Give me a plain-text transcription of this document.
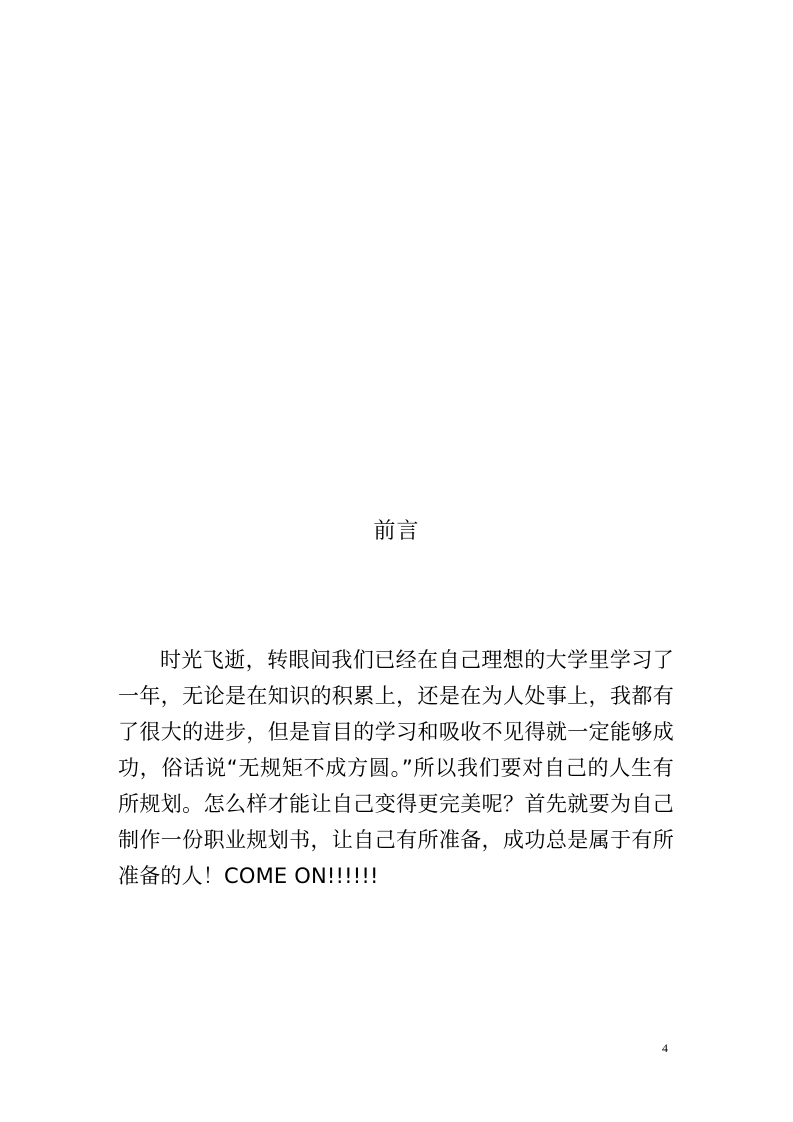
前言

时光飞逝，转眼间我们已经在自己理想的大学里学习了一年，无论是在知识的积累上，还是在为人处事上，我都有了很大的进步，但是盲目的学习和吸收不见得就一定能够成功，俗话说“无规矩不成方圆。”所以我们要对自己的人生有所规划。怎么样才能让自己变得更完美呢？首先就要为自己制作一份职业规划书，让自己有所准备，成功总是属于有所准备的人！COME ON!!!!!!

4
